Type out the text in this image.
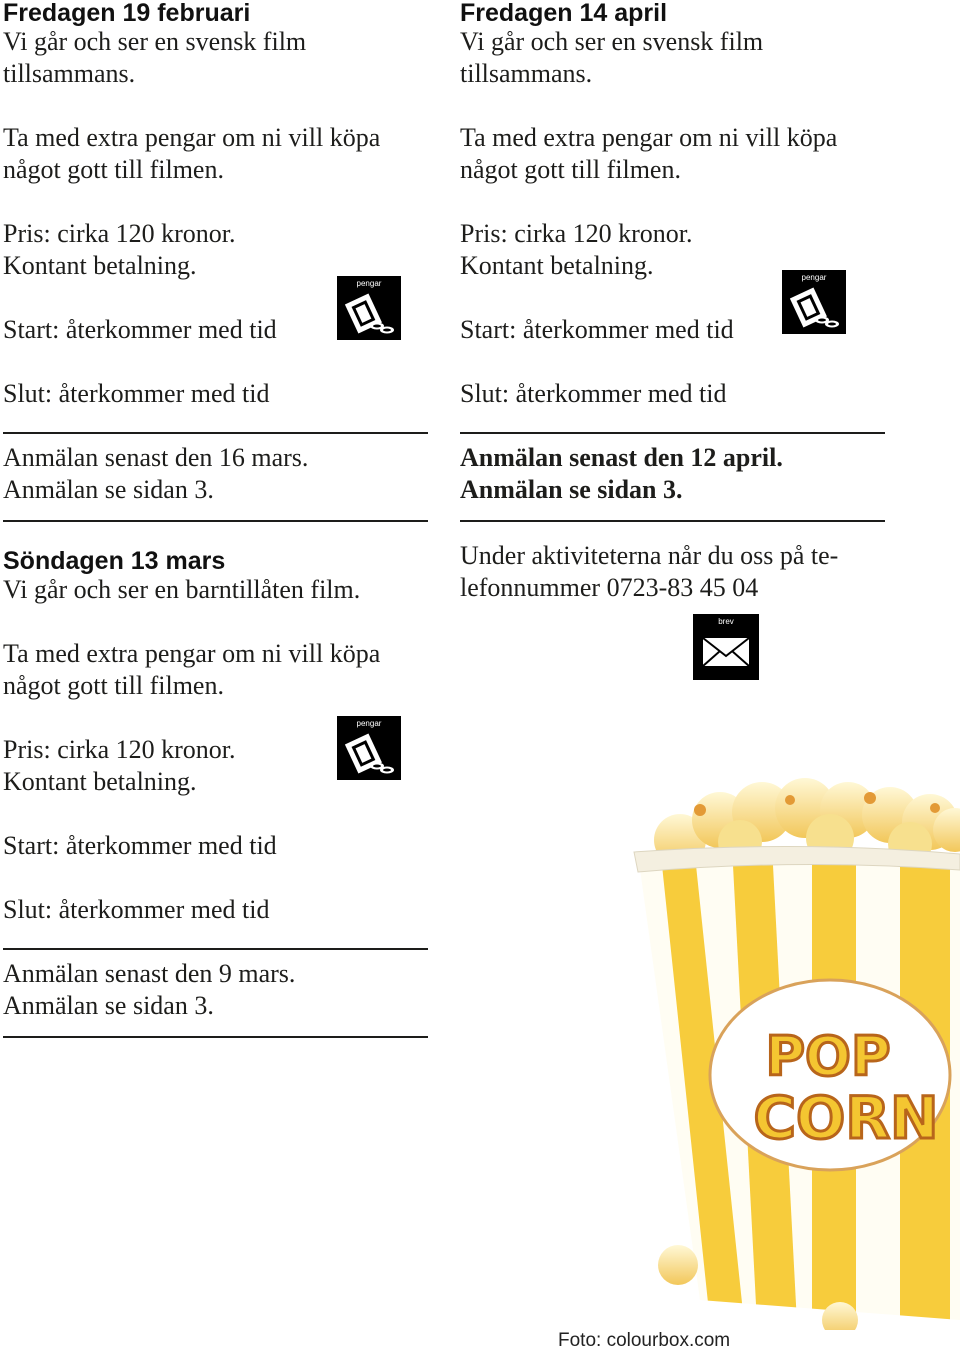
Fredagen 19 februari

Vi går och ser en svensk film

tillsammans.

Ta med extra pengar om ni vill köpa

något gott till filmen.

Pris: cirka 120 kronor.

Kontant betalning.

Start: återkommer med tid

Slut: återkommer med tid

Anmälan senast den 16 mars.

Anmälan se sidan 3.

Söndagen 13 mars

Vi går och ser en barntillåten film.

Ta med extra pengar om ni vill köpa

något gott till filmen.

Pris: cirka 120 kronor.

Kontant betalning.

Start: återkommer med tid

Slut: återkommer med tid

Anmälan senast den 9 mars.

Anmälan se sidan 3.

Fredagen 14 april

Vi går och ser en svensk film

tillsammans.

Ta med extra pengar om ni vill köpa

något gott till filmen.

Pris: cirka 120 kronor.

Kontant betalning.

Start: återkommer med tid

Slut: återkommer med tid

Anmälan senast den 12 april.

Anmälan se sidan 3.

Under aktiviteterna når du oss på te-

lefonnummer 0723-83 45 04

pengar
pengar
pengar
brev
POP
CORN
Foto: colourbox.com
